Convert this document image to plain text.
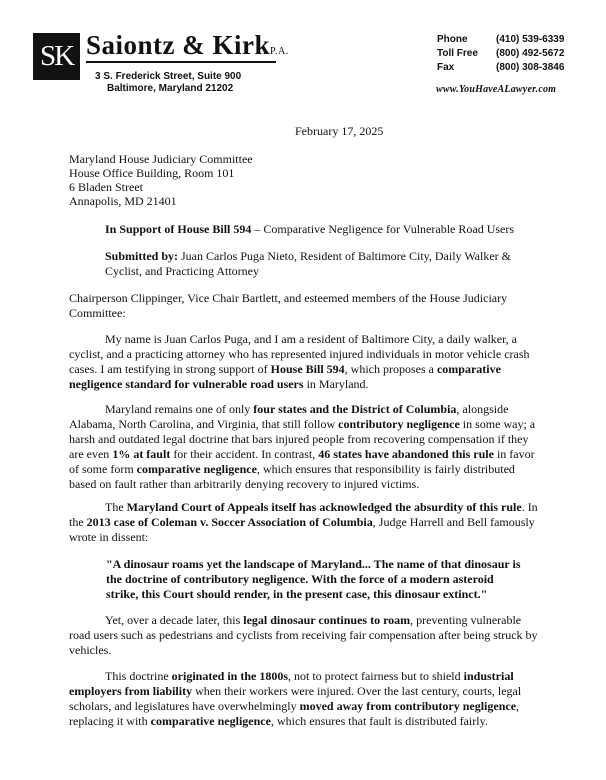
SK Saiontz & KirkP.A.
3 S. Frederick Street, Suite 900
Baltimore, Maryland 21202
Phone	(410) 539-6339
Toll Free (800) 492-5672
Fax	(800) 308-3846
www.YouHaveALawyer.com
February 17, 2025
Maryland House Judiciary Committee
House Office Building, Room 101
6 Bladen Street
Annapolis, MD 21401
In Support of House Bill 594 – Comparative Negligence for Vulnerable Road Users
Submitted by: Juan Carlos Puga Nieto, Resident of Baltimore City, Daily Walker & Cyclist, and Practicing Attorney
Chairperson Clippinger, Vice Chair Bartlett, and esteemed members of the House Judiciary Committee:
My name is Juan Carlos Puga, and I am a resident of Baltimore City, a daily walker, a cyclist, and a practicing attorney who has represented injured individuals in motor vehicle crash cases. I am testifying in strong support of House Bill 594, which proposes a comparative negligence standard for vulnerable road users in Maryland.
Maryland remains one of only four states and the District of Columbia, alongside Alabama, North Carolina, and Virginia, that still follow contributory negligence in some way; a harsh and outdated legal doctrine that bars injured people from recovering compensation if they are even 1% at fault for their accident. In contrast, 46 states have abandoned this rule in favor of some form comparative negligence, which ensures that responsibility is fairly distributed based on fault rather than arbitrarily denying recovery to injured victims.
The Maryland Court of Appeals itself has acknowledged the absurdity of this rule. In the 2013 case of Coleman v. Soccer Association of Columbia, Judge Harrell and Bell famously wrote in dissent:
"A dinosaur roams yet the landscape of Maryland... The name of that dinosaur is the doctrine of contributory negligence. With the force of a modern asteroid strike, this Court should render, in the present case, this dinosaur extinct."
Yet, over a decade later, this legal dinosaur continues to roam, preventing vulnerable road users such as pedestrians and cyclists from receiving fair compensation after being struck by vehicles.
This doctrine originated in the 1800s, not to protect fairness but to shield industrial employers from liability when their workers were injured. Over the last century, courts, legal scholars, and legislatures have overwhelmingly moved away from contributory negligence, replacing it with comparative negligence, which ensures that fault is distributed fairly.
